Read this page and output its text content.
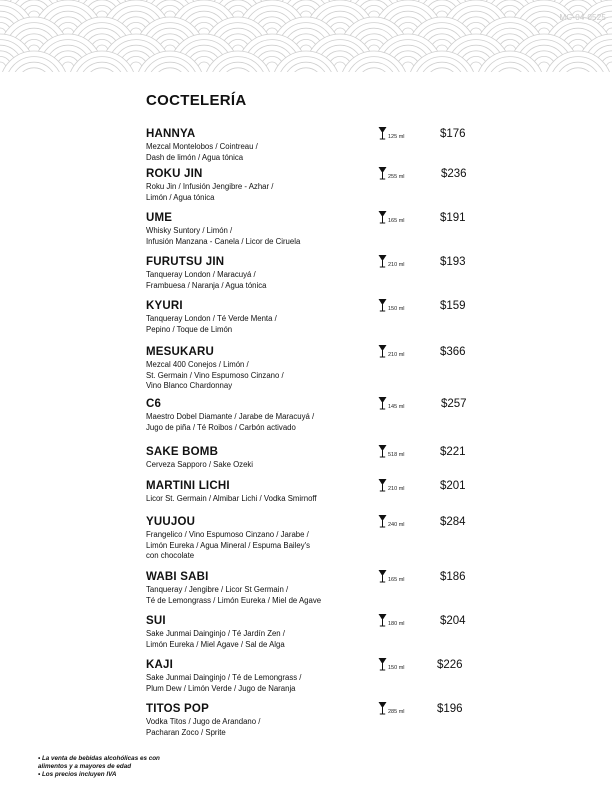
MC-04-0525
COCTELERÍA
HANNYA
Mezcal Montelobos / Cointreau /
Dash de limón / Agua tónica
125 ml	$176
ROKU JIN
Roku Jin / Infusión Jengibre - Azhar /
Limón / Agua tónica
255 ml	$236
UME
Whisky Suntory / Limón /
Infusión Manzana - Canela / Licor de Ciruela
165 ml	$191
FURUTSU JIN
Tanqueray London / Maracuyá /
Frambuesa / Naranja / Agua tónica
210 ml	$193
KYURI
Tanqueray London / Té Verde Menta /
Pepino / Toque de Limón
150 ml	$159
MESUKARU
Mezcal 400 Conejos / Limón /
St. Germain / Vino Espumoso Cinzano /
Vino Blanco Chardonnay
210 ml	$366
C6
Maestro Dobel Diamante / Jarabe de Maracuyá /
Jugo de piña / Té Roibos / Carbón activado
145 ml	$257
SAKE BOMB
Cerveza Sapporo / Sake Ozeki
518 ml	$221
MARTINI LICHI
Licor St. Germain / Almibar Lichi / Vodka Smirnoff
210 ml	$201
YUUJOU
Frangelico / Vino Espumoso Cinzano / Jarabe /
Limón Eureka / Agua Mineral / Espuma Bailey's
con chocolate
240 ml	$284
WABI SABI
Tanqueray / Jengibre / Licor St Germain /
Té de Lemongrass / Limón Eureka / Miel de Agave
165 ml	$186
SUI
Sake Junmai Dainginjo / Té Jardín Zen /
Limón Eureka / Miel Agave / Sal de Alga
180 ml	$204
KAJI
Sake Junmai Dainginjo / Té de Lemongrass /
Plum Dew / Limón Verde / Jugo de Naranja
150 ml	$226
TITOS POP
Vodka Titos / Jugo de Arandano /
Pacharan Zoco / Sprite
285 ml	$196
• La venta de bebidas alcohólicas es con
alimentos y a mayores de edad
• Los precios incluyen IVA
